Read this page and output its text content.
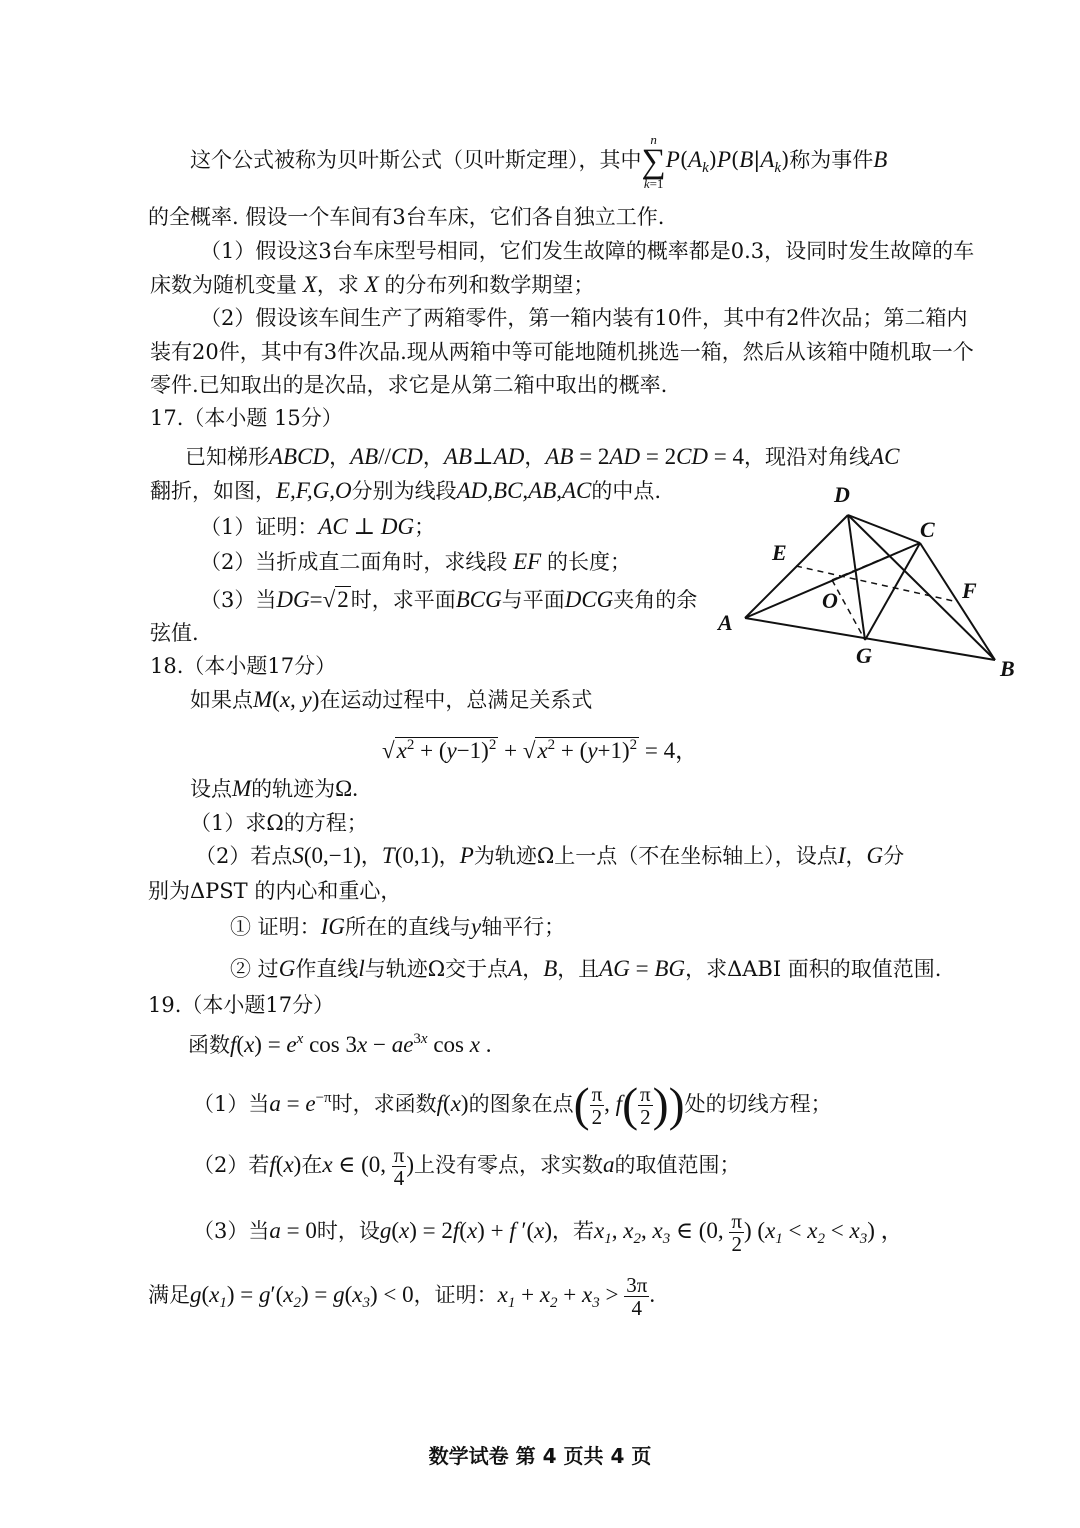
这个公式被称为贝叶斯公式（贝叶斯定理），其中n
∑
$k=1P(A_k)P(B|A_k)$称为事件B
的全概率. 假设一个车间有3台车床，它们各自独立工作.
（1）假设这3台车床型号相同，它们发生故障的概率都是0.3，设同时发生故障的车
床数为随机变量 X，求 X 的分布列和数学期望；
（2）假设该车间生产了两箱零件，第一箱内装有10件，其中有2件次品；第二箱内
装有20件，其中有3件次品.现从两箱中等可能地随机挑选一箱，然后从该箱中随机取一个
零件.已知取出的是次品，求它是从第二箱中取出的概率.
17.（本小题 15分）
已知梯形ABCD，AB//CD，AB⊥AD，AB = 2AD = 2CD = 4，现沿对角线AC
翻折，如图，E,F,G,O分别为线段AD,BC,AB,AC的中点.
（1）证明：AC ⊥ DG；
（2）当折成直二面角时，求线段 EF 的长度；
（3）当DG=√2时，求平面BCG与平面DCG夹角的余
弦值.
D
C
E
F
O
A
G
B
18.（本小题17分）
如果点M(x, y)在运动过程中，总满足关系式
$√x^2 + (y-1)^2 + √x^2 + (y+1)^2 = 4$，
设点M的轨迹为Ω.
（1）求Ω的方程；
（2）若点S(0,−1)，T(0,1)，P为轨迹Ω上一点（不在坐标轴上），设点I，G分
别为ΔPST 的内心和重心，
① 证明：IG所在的直线与y轴平行；
② 过G作直线l与轨迹Ω交于点A，B，且AG = BG，求ΔABI 面积的取值范围.
19.（本小题17分）
函数$f(x) = e^x$ $\cos 3x - ae^{3x}$ cos x .
（1）当$a = e^{-\pi}$时，求函数f(x)的图象在点( $\frac{\pi}{2}$ , $f( \frac{\pi}{2}$ ))处的切线方程；
（2）若f(x)在x ∈ (0, $\frac{\pi}{4}$ )上没有零点，求实数a的取值范围；
（3）当a = 0时，设g(x) = 2f(x) + f ′(x)，若$x_1$, $x_2$, $x_3$ ∈ (0, $\frac{\pi}{2}$ ) $(x_1 < x_2 < x_3)$ ，
满足$g(x_1) = g'(x_2) = g(x_3) < 0$，证明：$x_1 + x_2 + x_3 > \frac{3\pi}{4}$ .
数学试卷 第 4 页共 4 页
